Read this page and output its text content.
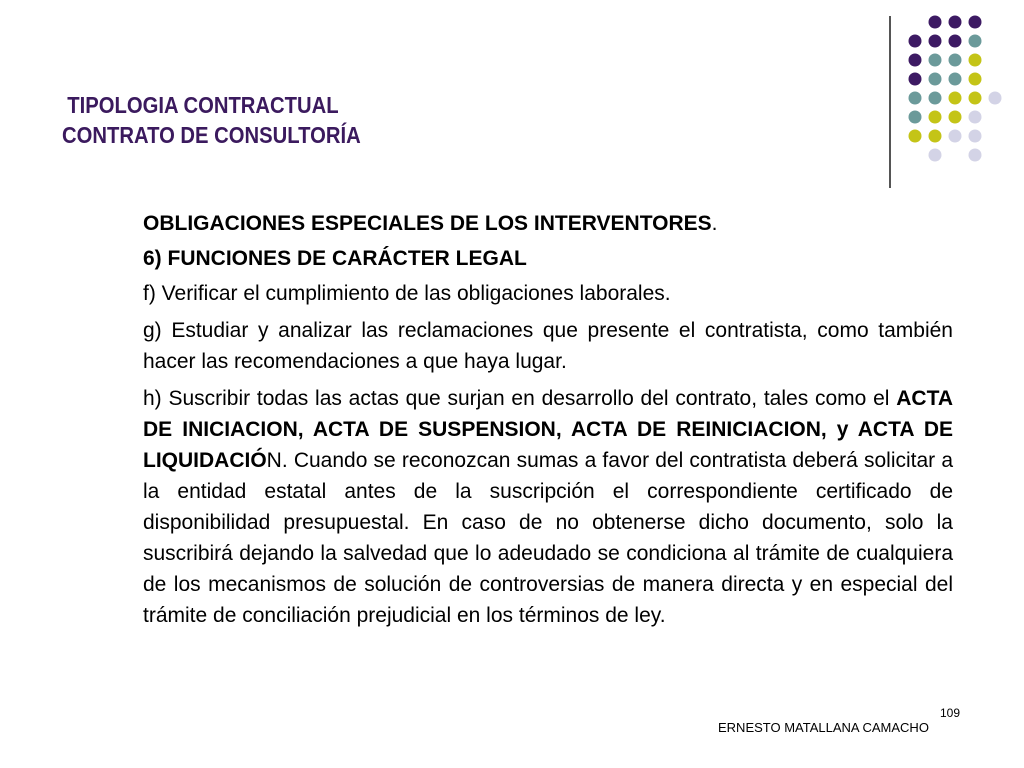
TIPOLOGIA CONTRACTUAL
CONTRATO DE CONSULTORÍA

OBLIGACIONES ESPECIALES DE LOS INTERVENTORES.

6) FUNCIONES DE CARÁCTER LEGAL

f) Verificar el cumplimiento de las obligaciones laborales.

g) Estudiar y analizar las reclamaciones que presente el contratista, como también hacer las recomendaciones a que haya lugar.

h) Suscribir todas las actas que surjan en desarrollo del contrato, tales como el ACTA DE INICIACION, ACTA DE SUSPENSION, ACTA DE REINICIACION, y ACTA DE LIQUIDACIÓN. Cuando se reconozcan sumas a favor del contratista deberá solicitar a la entidad estatal antes de la suscripción el correspondiente certificado de disponibilidad presupuestal. En caso de no obtenerse dicho documento, solo la suscribirá dejando la salvedad que lo adeudado se condiciona al trámite de cualquiera de los mecanismos de solución de controversias de manera directa y en especial del trámite de conciliación prejudicial en los términos de ley.

ERNESTO MATALLANA CAMACHO
109
